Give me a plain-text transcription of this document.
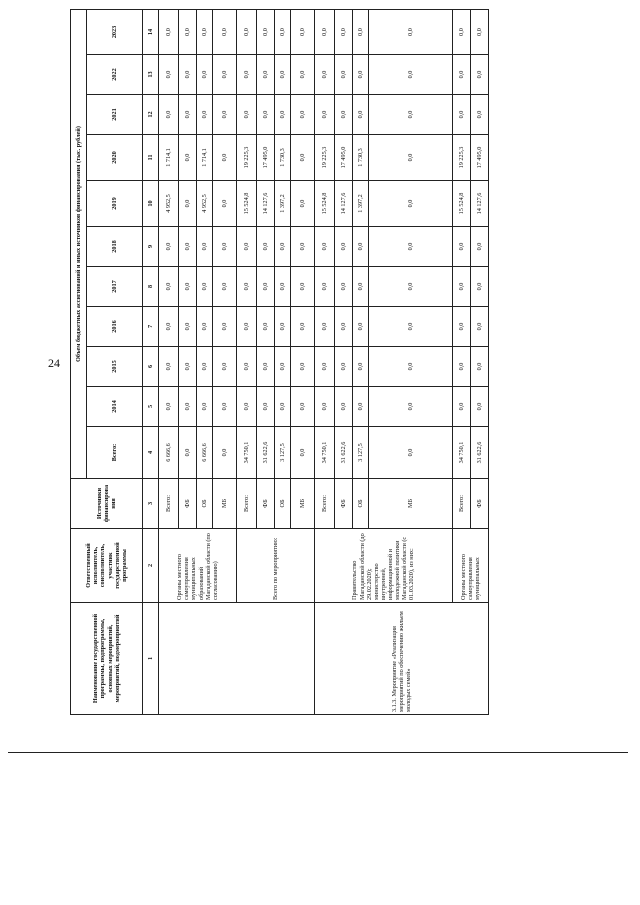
24
Наименование государственной программы, подпрограммы, основных мероприятий, мероприятий, подмероприятий	Ответственный исполнитель, соисполнитель, участник государственной программы	Источники финансирова ния	Объем бюджетных ассигнований и иных источников финансирования (тыс. рублей)										
			Всего:	2014	2015	2016	2017	2018	2019	2020	2021	2022	2023
1	2	3	4	5	6	7	8	9	10	11	12	13	14
	Органы местного самоуправления муниципальных образований Магаданской области (по согласованию)	Всего:	6 666,6	0,0	0,0	0,0	0,0	0,0	4 952,5	1 714,1	0,0	0,0	0,0
		ФБ	0,0	0,0	0,0	0,0	0,0	0,0	0,0	0,0	0,0	0,0	0,0
		ОБ	6 666,6	0,0	0,0	0,0	0,0	0,0	4 952,5	1 714,1	0,0	0,0	0,0
		МБ	0,0	0,0	0,0	0,0	0,0	0,0	0,0	0,0	0,0	0,0	0,0
	Всего по мероприятию:	Всего:	34 750,1	0,0	0,0	0,0	0,0	0,0	15 524,8	19 225,3	0,0	0,0	0,0
		ФБ	31 622,6	0,0	0,0	0,0	0,0	0,0	14 127,6	17 495,0	0,0	0,0	0,0
		ОБ	3 127,5	0,0	0,0	0,0	0,0	0,0	1 397,2	1 730,3	0,0	0,0	0,0
		МБ	0,0	0,0	0,0	0,0	0,0	0,0	0,0	0,0	0,0	0,0	0,0
3.1.3. Мероприятие «Реализация мероприятий по обеспечению жильем молодых семей»	Правительство Магаданской области (до 29.02.2020); министерство внутренней, информационной и молодежной политики Магаданской области (с 01.03.2020), из них:	Всего:	34 750,1	0,0	0,0	0,0	0,0	0,0	15 524,8	19 225,3	0,0	0,0	0,0
		ФБ	31 622,6	0,0	0,0	0,0	0,0	0,0	14 127,6	17 495,0	0,0	0,0	0,0
		ОБ	3 127,5	0,0	0,0	0,0	0,0	0,0	1 397,2	1 730,3	0,0	0,0	0,0
		МБ	0,0	0,0	0,0	0,0	0,0	0,0	0,0	0,0	0,0	0,0	0,0
	Органы местного самоуправления муниципальных	Всего:	34 750,1	0,0	0,0	0,0	0,0	0,0	15 524,8	19 225,3	0,0	0,0	0,0
		ФБ	31 622,6	0,0	0,0	0,0	0,0	0,0	14 127,6	17 495,0	0,0	0,0	0,0
